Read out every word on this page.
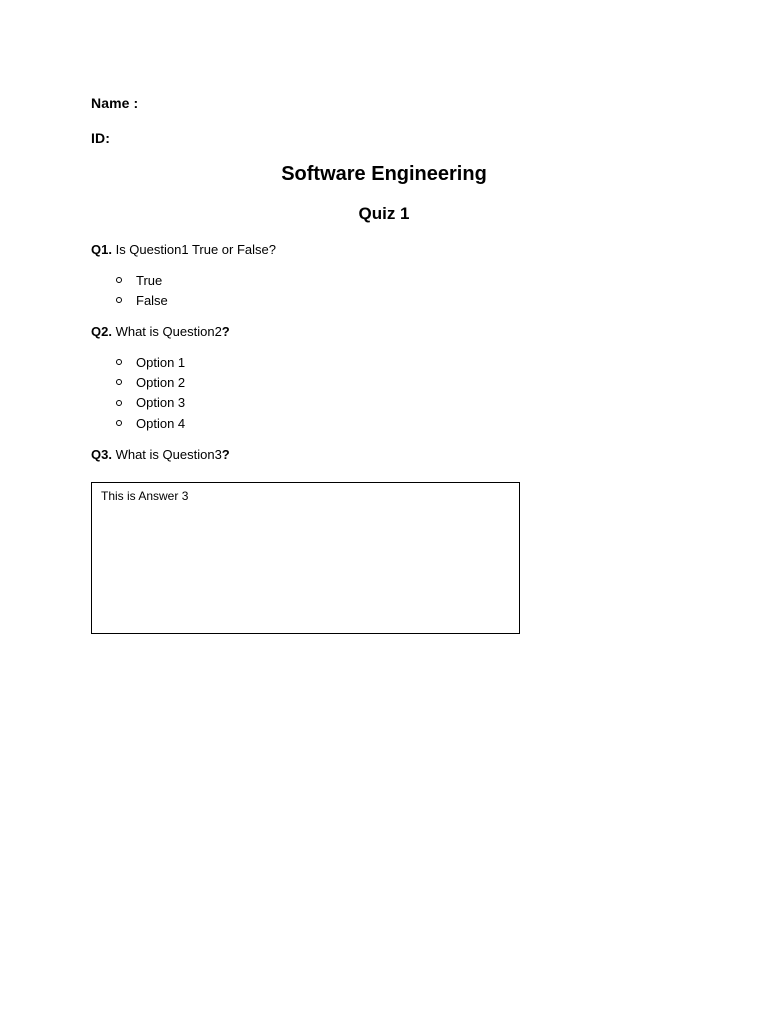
Name :
ID:
Software Engineering
Quiz 1
Q1. Is Question1 True or False?
True
False
Q2. What is Question2?
Option 1
Option 2
Option 3
Option 4
Q3. What is Question3?
This is Answer 3
